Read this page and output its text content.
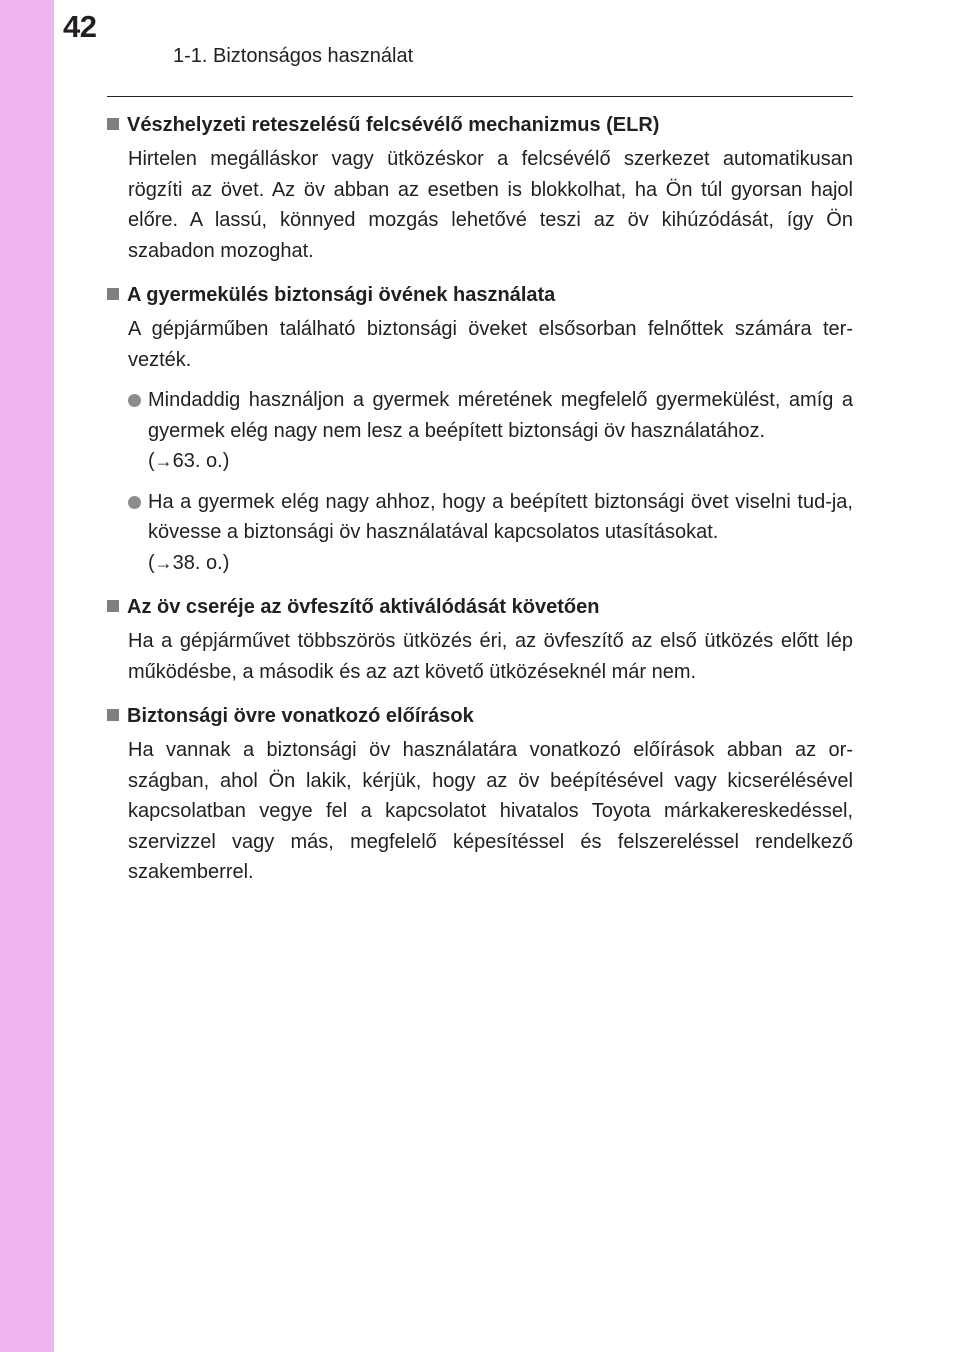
42
1-1. Biztonságos használat
Vészhelyzeti reteszelésű felcsévélő mechanizmus (ELR)

Hirtelen megálláskor vagy ütközéskor a felcsévélő szerkezet automatikusan rögzíti az övet. Az öv abban az esetben is blokkolhat, ha Ön túl gyorsan hajol előre. A lassú, könnyed mozgás lehetővé teszi az öv kihúzódását, így Ön szabadon mozoghat.

A gyermekülés biztonsági övének használata

A gépjárműben található biztonsági öveket elsősorban felnőttek számára ter-vezték.

Mindaddig használjon a gyermek méretének megfelelő gyermekülést, amíg a gyermek elég nagy nem lesz a beépített biztonsági öv használatához.
(→63. o.)
Ha a gyermek elég nagy ahhoz, hogy a beépített biztonsági övet viselni tud-ja, kövesse a biztonsági öv használatával kapcsolatos utasításokat.
(→38. o.)
Az öv cseréje az övfeszítő aktiválódását követően

Ha a gépjárművet többszörös ütközés éri, az övfeszítő az első ütközés előtt lép működésbe, a második és az azt követő ütközéseknél már nem.

Biztonsági övre vonatkozó előírások

Ha vannak a biztonsági öv használatára vonatkozó előírások abban az or-szágban, ahol Ön lakik, kérjük, hogy az öv beépítésével vagy kicserélésével kapcsolatban vegye fel a kapcsolatot hivatalos Toyota márkakereskedéssel, szervizzel vagy más, megfelelő képesítéssel és felszereléssel rendelkező szakemberrel.
